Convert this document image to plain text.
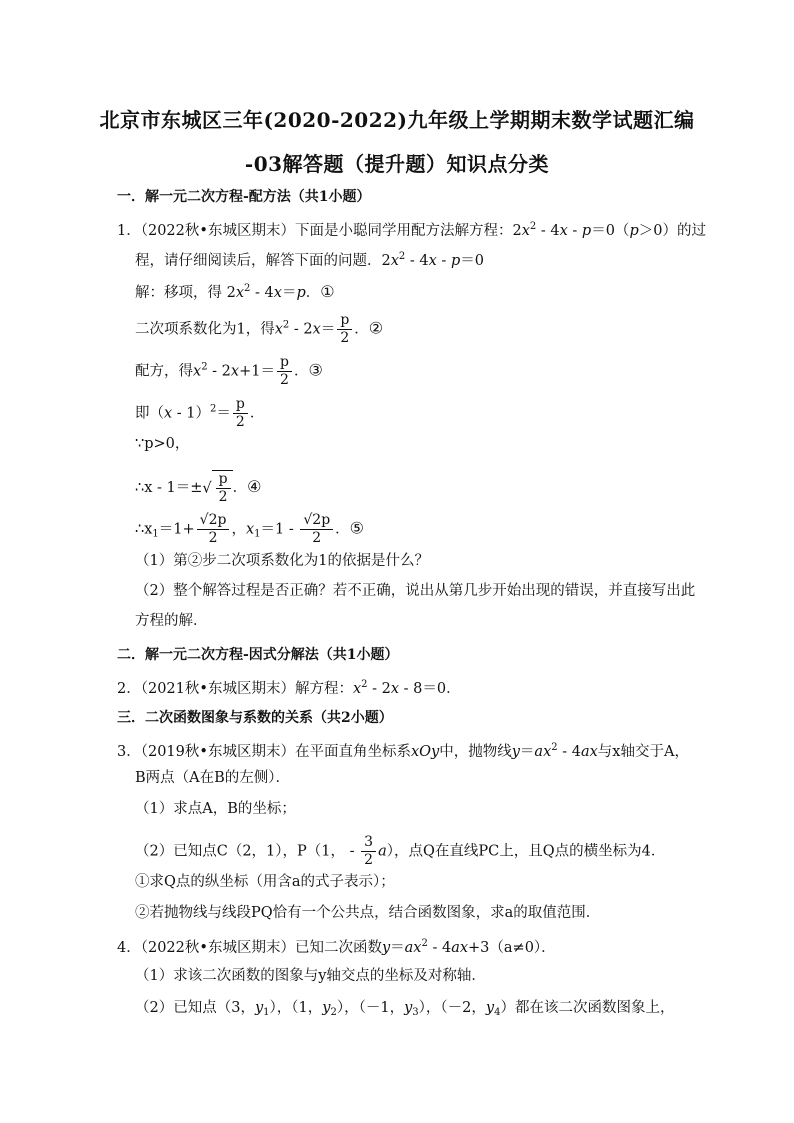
北京市东城区三年(2020-2022)九年级上学期期末数学试题汇编
-03解答题（提升题）知识点分类
一．解一元二次方程-配方法（共1小题）
1．（2022秋•东城区期末）下面是小聪同学用配方法解方程：$2x^2 - 4x - p=0(p>0)$的过
程，请仔细阅读后，解答下面的问题．$2x^2 - 4x - p=0$
解：移项，得 $2x^2 - 4x=p$．①
二次项系数化为1，得$x^2 - 2x= \frac{p}{2}$ ．②
配方，得$x^2 - 2x+1= \frac{p}{2}$ ．③
即$(x - 1)^2= \frac{p}{2}$ ．
∵p>0，
∴x - $1=\pm√ \frac{p}{2}$ ．④
$\therefore x_1=1+ \frac{√2p}{2}$ ，$x_1=1 - \frac{√2p}{2}$ ．⑤
（1）第②步二次项系数化为1的依据是什么？
（2）整个解答过程是否正确？若不正确，说出从第几步开始出现的错误，并直接写出此
方程的解．
二．解一元二次方程-因式分解法（共1小题）
2．（2021秋•东城区期末）解方程：$x^2 - 2x - 8=0$．
三．二次函数图象与系数的关系（共2小题）
3．（2019秋•东城区期末）在平面直角坐标系xOy中，抛物线$y=ax^2 - 4ax$与x轴交于A，
B两点（A在B的左侧）．
（1）求点A，B的坐标；
（2）已知点C（2，1），P（1， - $\frac{3}{2} a$），点Q在直线PC上，且Q点的横坐标为4．
①求Q点的纵坐标（用含a的式子表示）；
②若抛物线与线段PQ恰有一个公共点，结合函数图象，求a的取值范围．
4．（2022秋•东城区期末）已知二次函数$y=ax^2 - 4ax+3(a\ne 0)$．
（1）求该二次函数的图象与y轴交点的坐标及对称轴．
（2）已知点（3，$y_1$），（1，$y_2$），（－1，$y_3$），（－2，$y_4$）都在该二次函数图象上，
